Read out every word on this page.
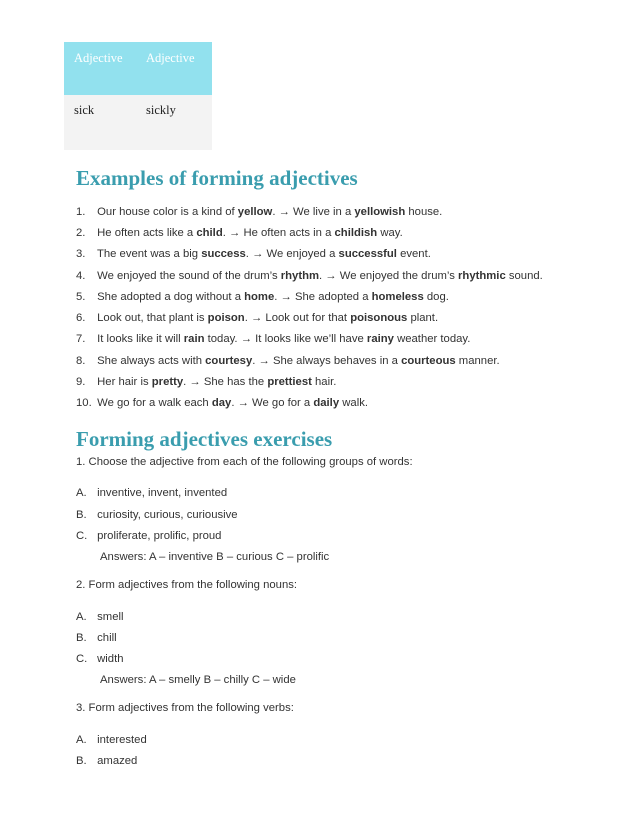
Adjective	Adjective
sick	sickly
Examples of forming adjectives
1. Our house color is a kind of yellow. → We live in a yellowish house.
2. He often acts like a child. → He often acts in a childish way.
3. The event was a big success. → We enjoyed a successful event.
4. We enjoyed the sound of the drum’s rhythm. → We enjoyed the drum’s rhythmic sound.
5. She adopted a dog without a home. → She adopted a homeless dog.
6. Look out, that plant is poison. → Look out for that poisonous plant.
7. It looks like it will rain today. → It looks like we’ll have rainy weather today.
8. She always acts with courtesy. → She always behaves in a courteous manner.
9. Her hair is pretty. → She has the prettiest hair.
10. We go for a walk each day. → We go for a daily walk.
Forming adjectives exercises
1. Choose the adjective from each of the following groups of words:
A. inventive, invent, invented
B. curiosity, curious, curiousive
C. proliferate, prolific, proud
Answers: A – inventive B – curious C – prolific
2. Form adjectives from the following nouns:
A. smell
B. chill
C. width
Answers: A – smelly B – chilly C – wide
3. Form adjectives from the following verbs:
A. interested
B. amazed
